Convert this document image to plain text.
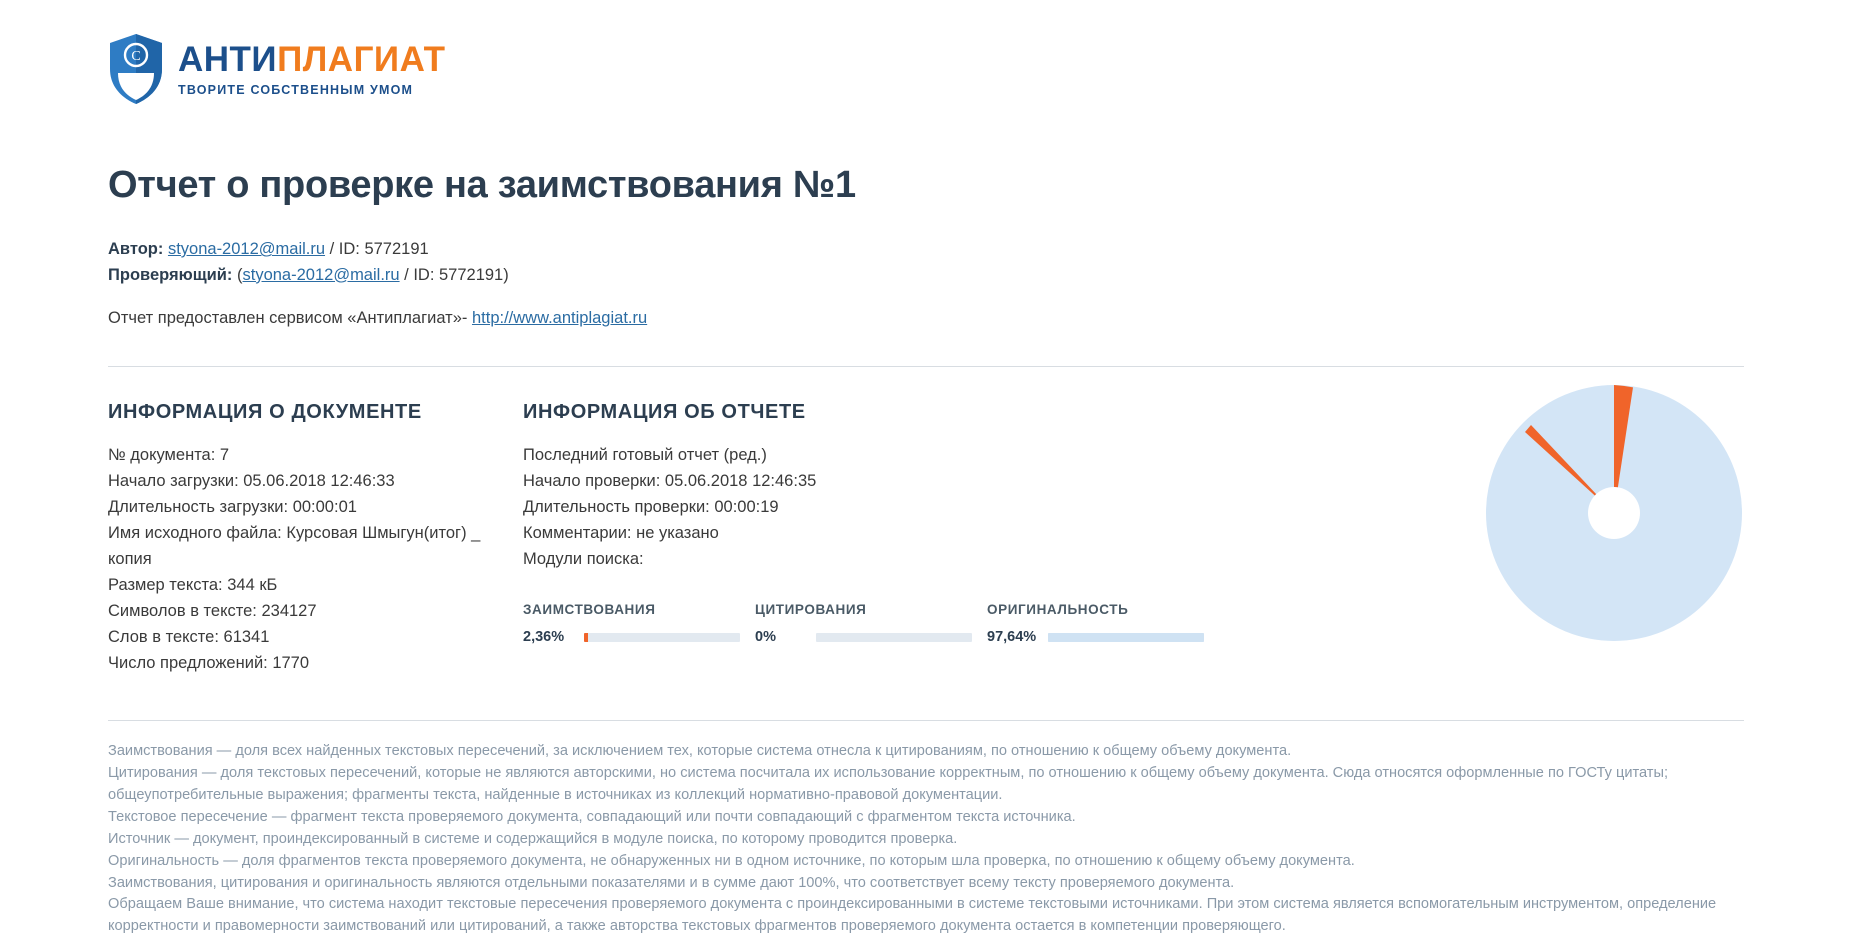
C АНТИПЛАГИАТ
ТВОРИТЕ СОБСТВЕННЫМ УМОМ
Отчет о проверке на заимствования №1
Автор: styona-2012@mail.ru / ID: 5772191
Проверяющий: (styona-2012@mail.ru / ID: 5772191)
Отчет предоставлен сервисом «Антиплагиат»- http://www.antiplagiat.ru
ИНФОРМАЦИЯ О ДОКУМЕНТЕ
№ документа: 7
Начало загрузки: 05.06.2018 12:46:33
Длительность загрузки: 00:00:01
Имя исходного файла: Курсовая Шмыгун(итог) _ копия
Размер текста: 344 кБ
Символов в тексте: 234127
Слов в тексте: 61341
Число предложений: 1770
ИНФОРМАЦИЯ ОБ ОТЧЕТЕ
Последний готовый отчет (ред.)
Начало проверки: 05.06.2018 12:46:35
Длительность проверки: 00:00:19
Комментарии: не указано
Модули поиска:
ЗАИМСТВОВАНИЯ
2,36%
ЦИТИРОВАНИЯ
0%
ОРИГИНАЛЬНОСТЬ
97,64%

Заимствования — доля всех найденных текстовых пересечений, за исключением тех, которые система отнесла к цитированиям, по отношению к общему объему документа.

Цитирования — доля текстовых пересечений, которые не являются авторскими, но система посчитала их использование корректным, по отношению к общему объему документа. Сюда относятся оформленные по ГОСТу цитаты; общеупотребительные выражения; фрагменты текста, найденные в источниках из коллекций нормативно-правовой документации.

Текстовое пересечение — фрагмент текста проверяемого документа, совпадающий или почти совпадающий с фрагментом текста источника.

Источник — документ, проиндексированный в системе и содержащийся в модуле поиска, по которому проводится проверка.

Оригинальность — доля фрагментов текста проверяемого документа, не обнаруженных ни в одном источнике, по которым шла проверка, по отношению к общему объему документа.

Заимствования, цитирования и оригинальность являются отдельными показателями и в сумме дают 100%, что соответствует всему тексту проверяемого документа.

Обращаем Ваше внимание, что система находит текстовые пересечения проверяемого документа с проиндексированными в системе текстовыми источниками. При этом система является вспомогательным инструментом, определение корректности и правомерности заимствований или цитирований, а также авторства текстовых фрагментов проверяемого документа остается в компетенции проверяющего.
